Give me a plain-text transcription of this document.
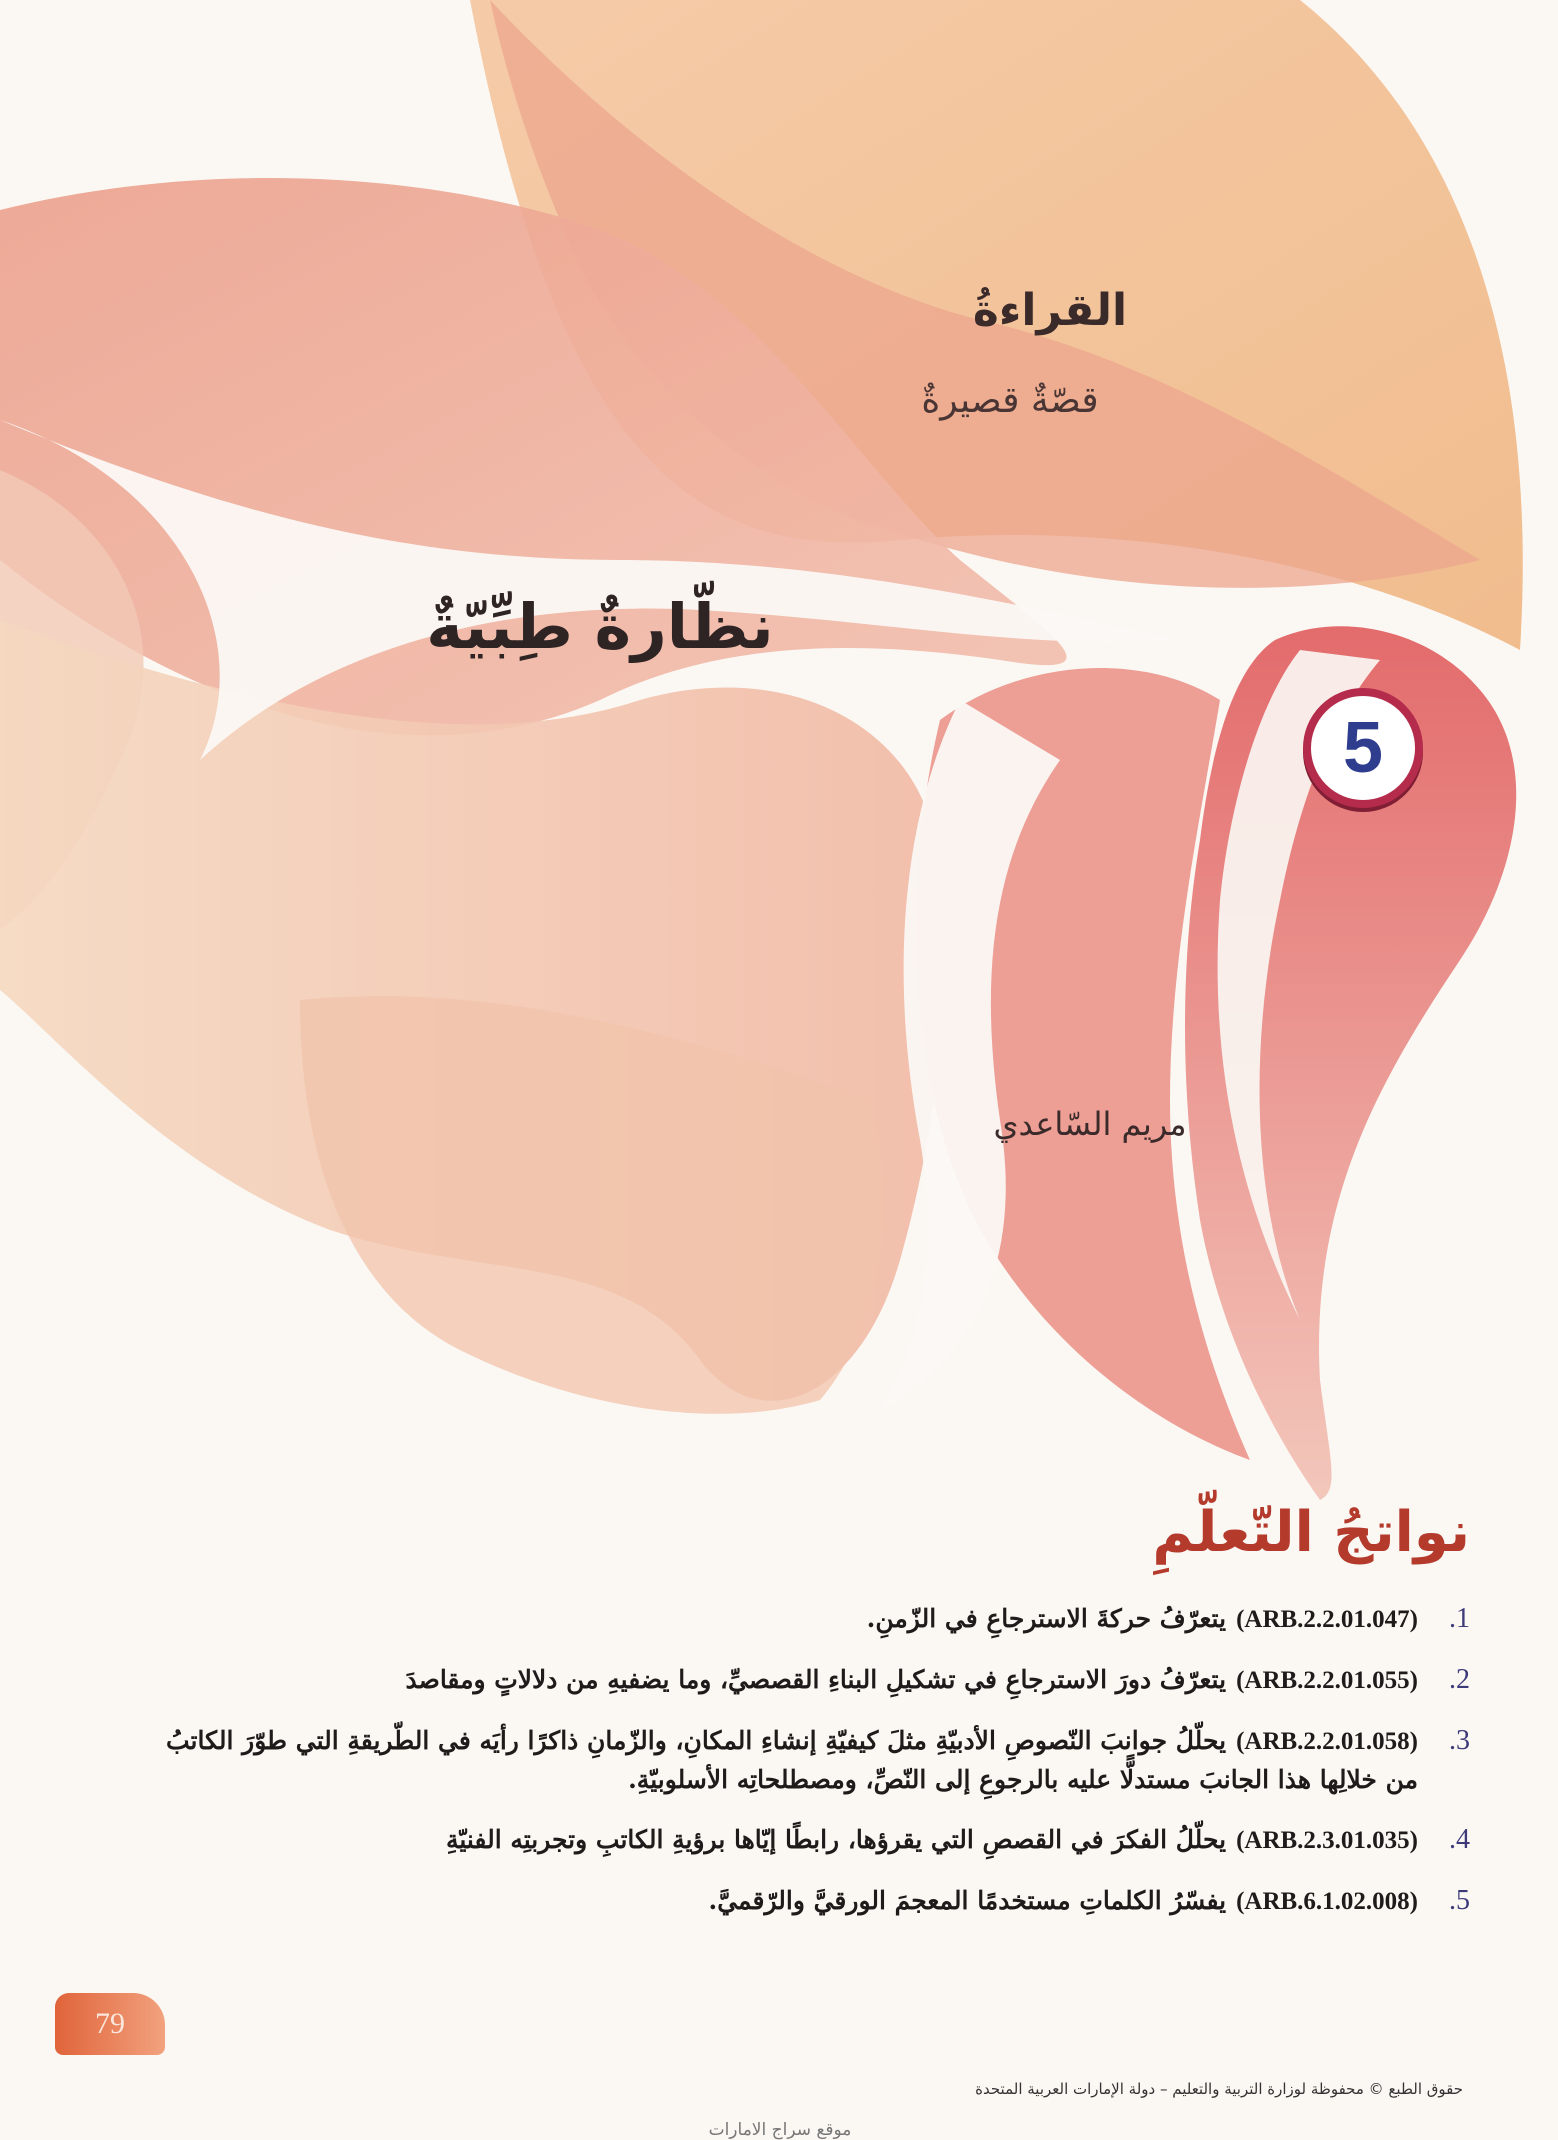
القراءةُ
قصّةٌ قصيرةٌ
نظّارةٌ طِبِّيّةٌ
5
مريم السّاعدي
نواتجُ التّعلّمِ
1.
(ARB.2.2.01.047)يتعرّفُ حركةَ الاسترجاعِ في الزّمنِ.
2.
(ARB.2.2.01.055)يتعرّفُ دورَ الاسترجاعِ في تشكيلِ البناءِ القصصيِّ، وما يضفيهِ من دلالاتٍ ومقاصدَ
3.
(ARB.2.2.01.058)يحلّلُ جوانبَ النّصوصِ الأدبيّةِ مثلَ كيفيّةِ إنشاءِ المكانِ، والزّمانِ ذاكرًا رأيَه في الطّريقةِ التي طوّرَ الكاتبُ من خلالِها هذا الجانبَ مستدلًّا عليه بالرجوعِ إلى النّصِّ، ومصطلحاتِه الأسلوبيّةِ.
4.
(ARB.2.3.01.035)يحلّلُ الفكرَ في القصصِ التي يقرؤها، رابطًا إيّاها برؤيةِ الكاتبِ وتجربتِه الفنيّةِ
5.
(ARB.6.1.02.008)يفسّرُ الكلماتِ مستخدمًا المعجمَ الورقيَّ والرّقميَّ.
79
حقوق الطبع © محفوظة لوزارة التربية والتعليم – دولة الإمارات العربية المتحدة
موقع سراج الامارات
